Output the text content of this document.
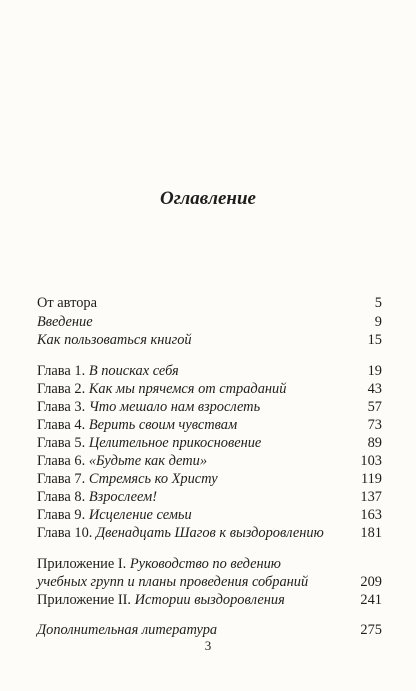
Оглавление
От автора	5
Введение	9
Как пользоваться книгой	15
Глава 1. В поисках себя	19
Глава 2. Как мы прячемся от страданий	43
Глава 3. Что мешало нам взрослеть	57
Глава 4. Верить своим чувствам	73
Глава 5. Целительное прикосновение	89
Глава 6. «Будьте как дети»	103
Глава 7. Стремясь ко Христу	119
Глава 8. Взрослеем!	137
Глава 9. Исцеление семьи	163
Глава 10. Двенадцать Шагов к выздоровлению	181
Приложение I. Руководство по ведению
учебных групп и планы проведения собраний	209
Приложение II. Истории выздоровления	241
Дополнительная литература	275
3
